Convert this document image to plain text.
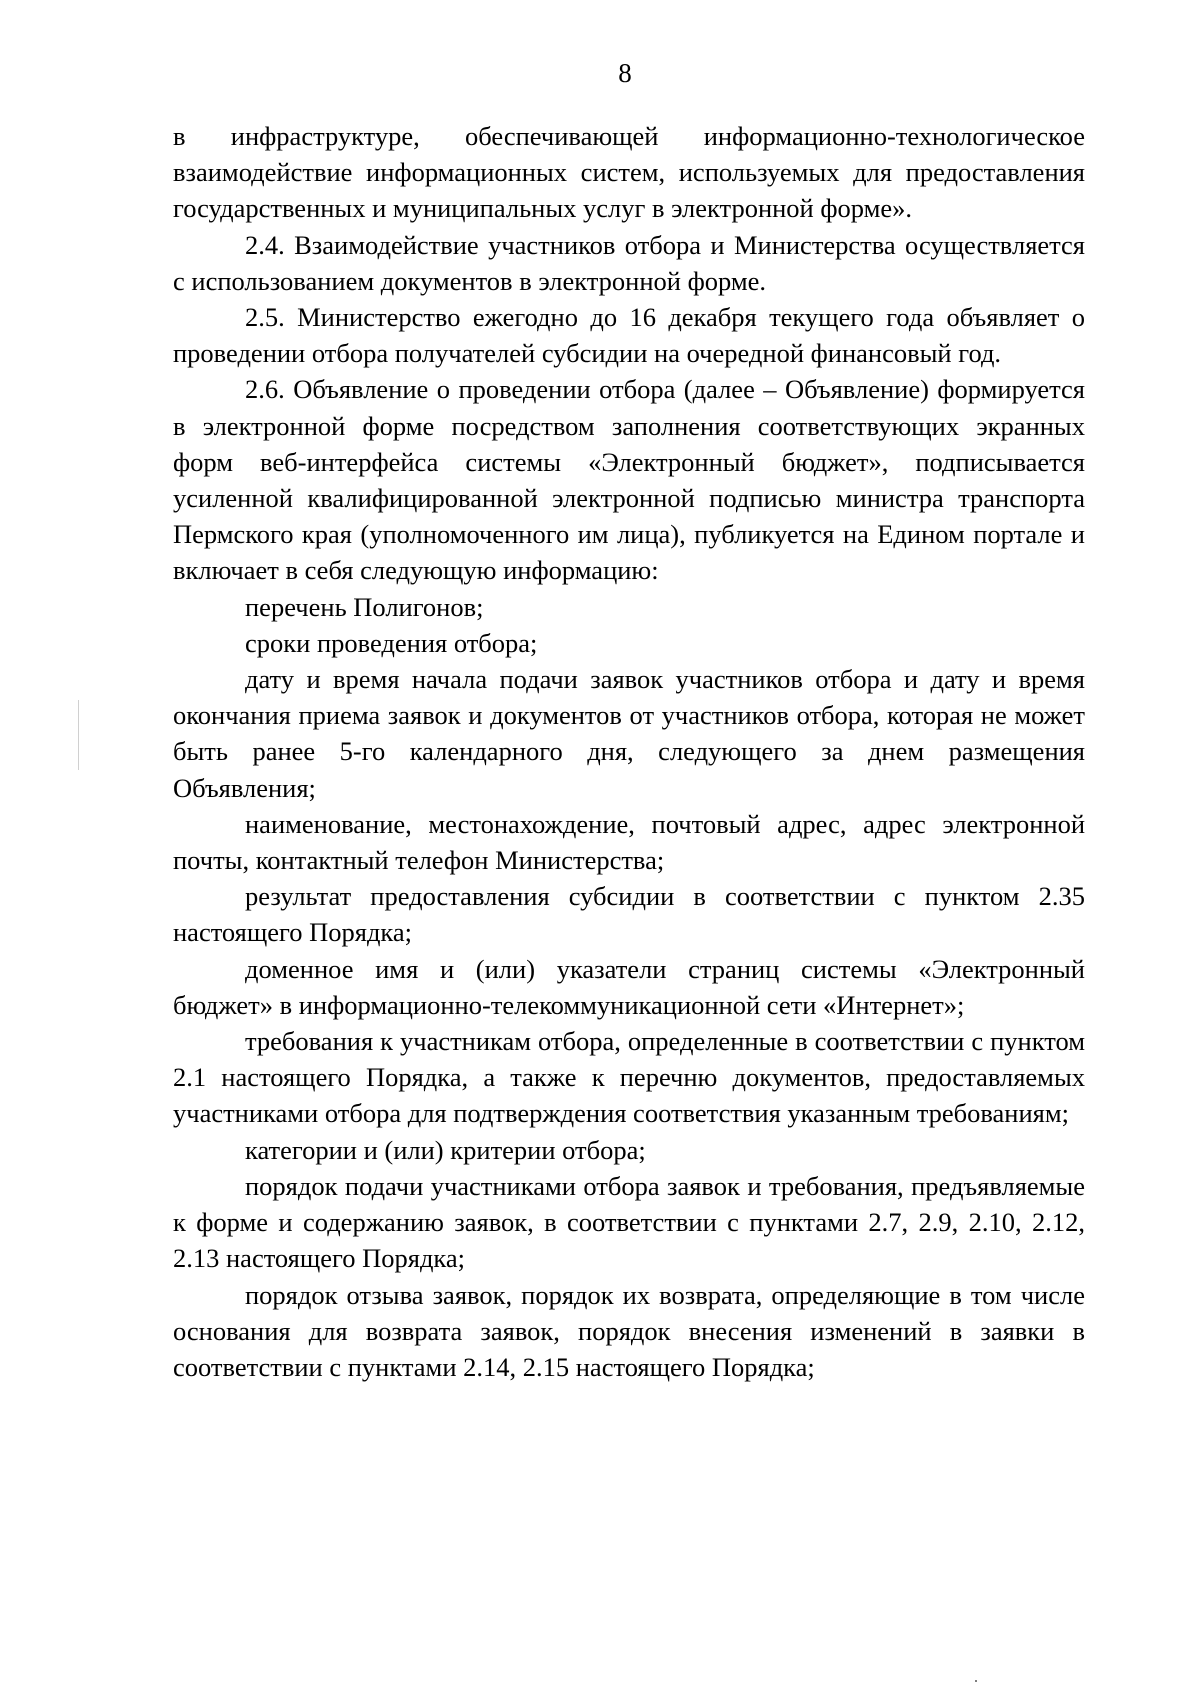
8

в инфраструктуре, обеспечивающей информационно-технологическое взаимодействие информационных систем, используемых для предоставления государственных и муниципальных услуг в электронной форме».

2.4. Взаимодействие участников отбора и Министерства осуществляется с использованием документов в электронной форме.

2.5. Министерство ежегодно до 16 декабря текущего года объявляет о проведении отбора получателей субсидии на очередной финансовый год.

2.6. Объявление о проведении отбора (далее – Объявление) формируется в электронной форме посредством заполнения соответствующих экранных форм веб-интерфейса системы «Электронный бюджет», подписывается усиленной квалифицированной электронной подписью министра транспорта Пермского края (уполномоченного им лица), публикуется на Едином портале и включает в себя следующую информацию:

перечень Полигонов;

сроки проведения отбора;

дату и время начала подачи заявок участников отбора и дату и время окончания приема заявок и документов от участников отбора, которая не может быть ранее 5-го календарного дня, следующего за днем размещения Объявления;

наименование, местонахождение, почтовый адрес, адрес электронной почты, контактный телефон Министерства;

результат предоставления субсидии в соответствии с пунктом 2.35 настоящего Порядка;

доменное имя и (или) указатели страниц системы «Электронный бюджет» в информационно-телекоммуникационной сети «Интернет»;

требования к участникам отбора, определенные в соответствии с пунктом 2.1 настоящего Порядка, а также к перечню документов, предоставляемых участниками отбора для подтверждения соответствия указанным требованиям;

категории и (или) критерии отбора;

порядок подачи участниками отбора заявок и требования, предъявляемые к форме и содержанию заявок, в соответствии с пунктами 2.7, 2.9, 2.10, 2.12, 2.13 настоящего Порядка;

порядок отзыва заявок, порядок их возврата, определяющие в том числе основания для возврата заявок, порядок внесения изменений в заявки в соответствии с пунктами 2.14, 2.15 настоящего Порядка;
